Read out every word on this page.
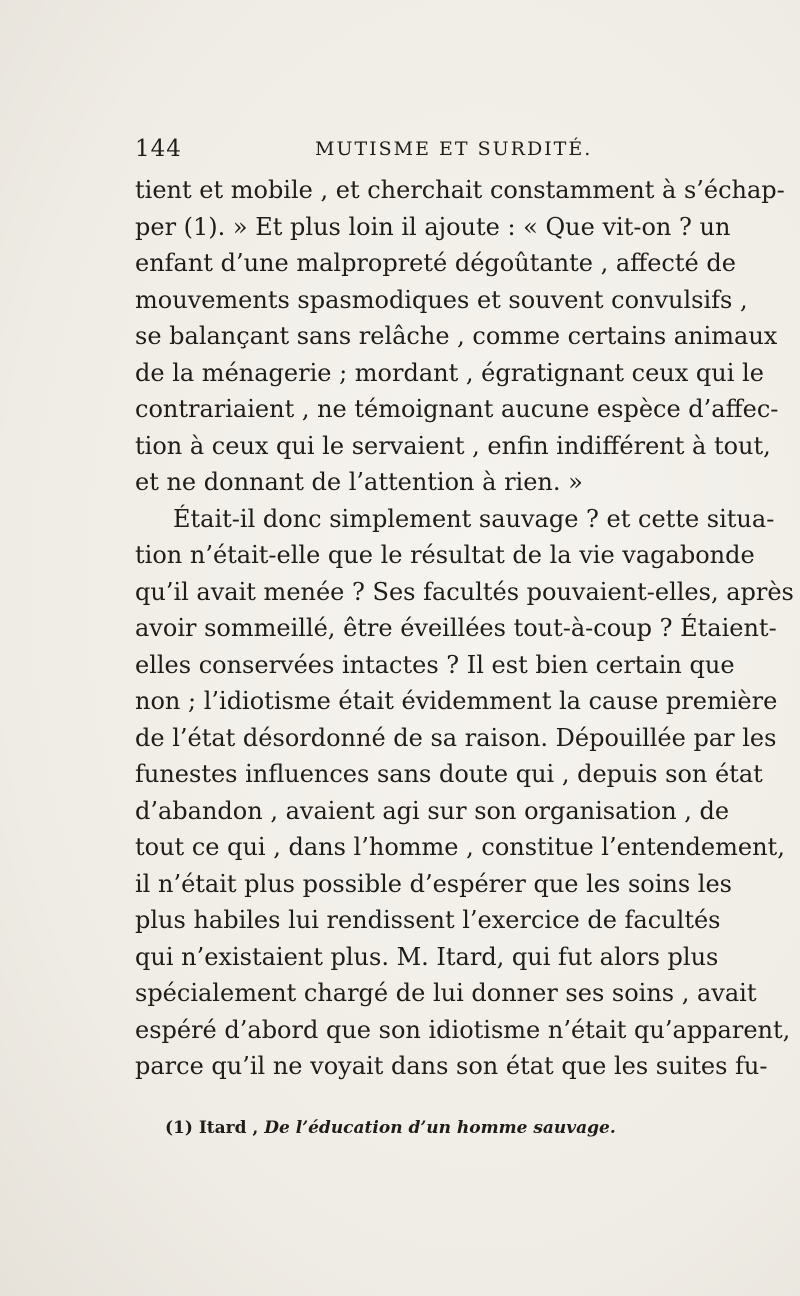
144	MUTISME ET SURDITÉ.
tient et mobile , et cherchait constamment à s’échap-
per (1). » Et plus loin il ajoute : « Que vit-on ? un
enfant d’une malpropreté dégoûtante , affecté de
mouvements spasmodiques et souvent convulsifs ,
se balançant sans relâche , comme certains animaux
de la ménagerie ; mordant , égratignant ceux qui le
contrariaient , ne témoignant aucune espèce d’affec-
tion à ceux qui le servaient , enfin indifférent à tout,
et ne donnant de l’attention à rien. »
Était-il donc simplement sauvage ? et cette situa-
tion n’était-elle que le résultat de la vie vagabonde
qu’il avait menée ? Ses facultés pouvaient-elles, après
avoir sommeillé, être éveillées tout-à-coup ? Étaient-
elles conservées intactes ? Il est bien certain que
non ; l’idiotisme était évidemment la cause première
de l’état désordonné de sa raison. Dépouillée par les
funestes influences sans doute qui , depuis son état
d’abandon , avaient agi sur son organisation , de
tout ce qui , dans l’homme , constitue l’entendement,
il n’était plus possible d’espérer que les soins les
plus habiles lui rendissent l’exercice de facultés
qui n’existaient plus. M. Itard, qui fut alors plus
spécialement chargé de lui donner ses soins , avait
espéré d’abord que son idiotisme n’était qu’apparent,
parce qu’il ne voyait dans son état que les suites fu-
(1) Itard , De l’éducation d’un homme sauvage.
